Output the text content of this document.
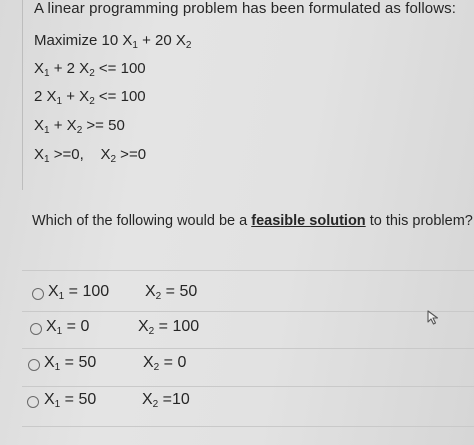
A linear programming problem has been formulated as follows:
Maximize 10 $X_1 + 20$ $X_2$
$X_1 + 2$ $X_2 <= 100$
2 $X_1 + X_2 <= 100$
$X_1 + X_2 >= 50$
$X_1 >=0$,    $X_2 >=0$
Which of the following would be a feasible solution to this problem?
$X_1 = 100$ $X_2 = 50$
$X_1 = 0$	$X_2 = 100$
$X_1 = 50$	$X_2 = 0$
$X_1 = 50$	$X_2 =10$
